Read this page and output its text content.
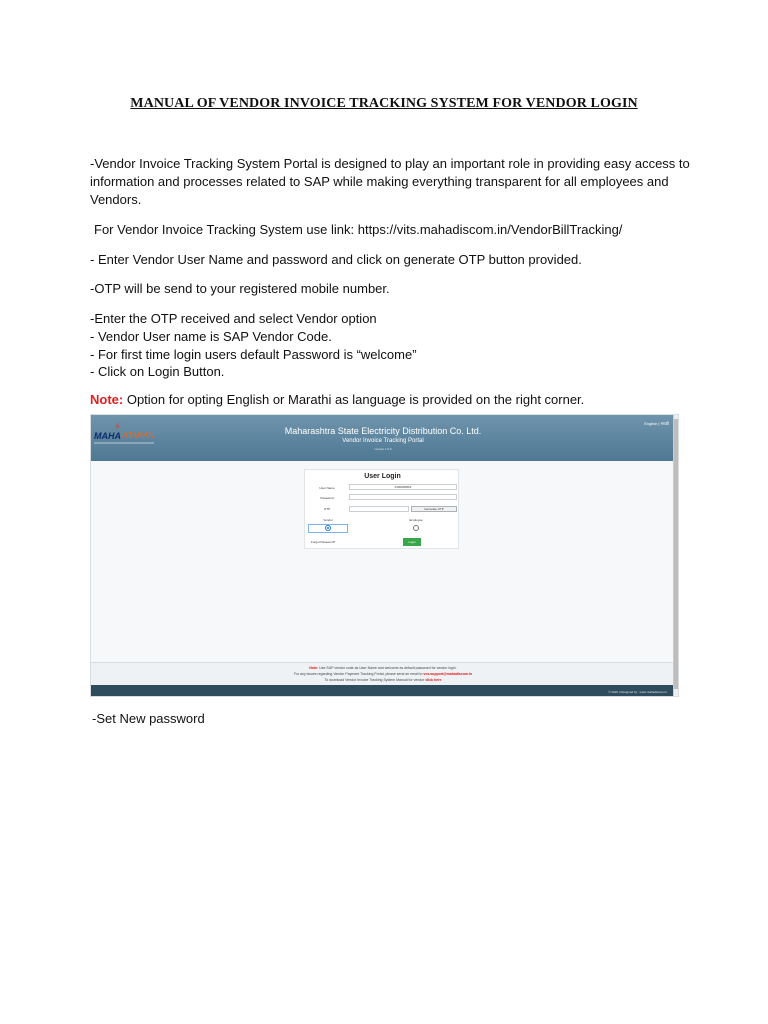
MANUAL OF VENDOR INVOICE TRACKING SYSTEM FOR VENDOR LOGIN
-Vendor Invoice Tracking System Portal is designed to play an important role in providing easy access to information and processes related to SAP while making everything transparent for all employees and Vendors.
For Vendor Invoice Tracking System use link: https://vits.mahadiscom.in/VendorBillTracking/
- Enter Vendor User Name and password and click on generate OTP button provided.
-OTP will be send to your registered mobile number.
-Enter the OTP received and select Vendor option
- Vendor User name is SAP Vendor Code.
- For first time login users default Password is “welcome”
- Click on Login Button.
Note: Option for opting English or Marathi as language is provided on the right corner.
⚡
MAHA VITARAN	Maharashtra State Electricity Distribution Co. Ltd.
Vendor Invoice Tracking Portal
version 1.0.0
English | मराठी
User Login
User Name	0100000819
Password
OTP	Generate OTP
Vendor	Employee
Forgot Password?	Login
Note: Use SAP vendor code as User Name and welcome as default password for vendor login.
For any issues regarding Vendor Payment Tracking Portal, please send an email to vcs.support@mahadiscom.in
To download Vendor Invoice Tracking System Manual for vendor click here
© 2022 | Designed by : www.mahadiscom.in
-Set New password
